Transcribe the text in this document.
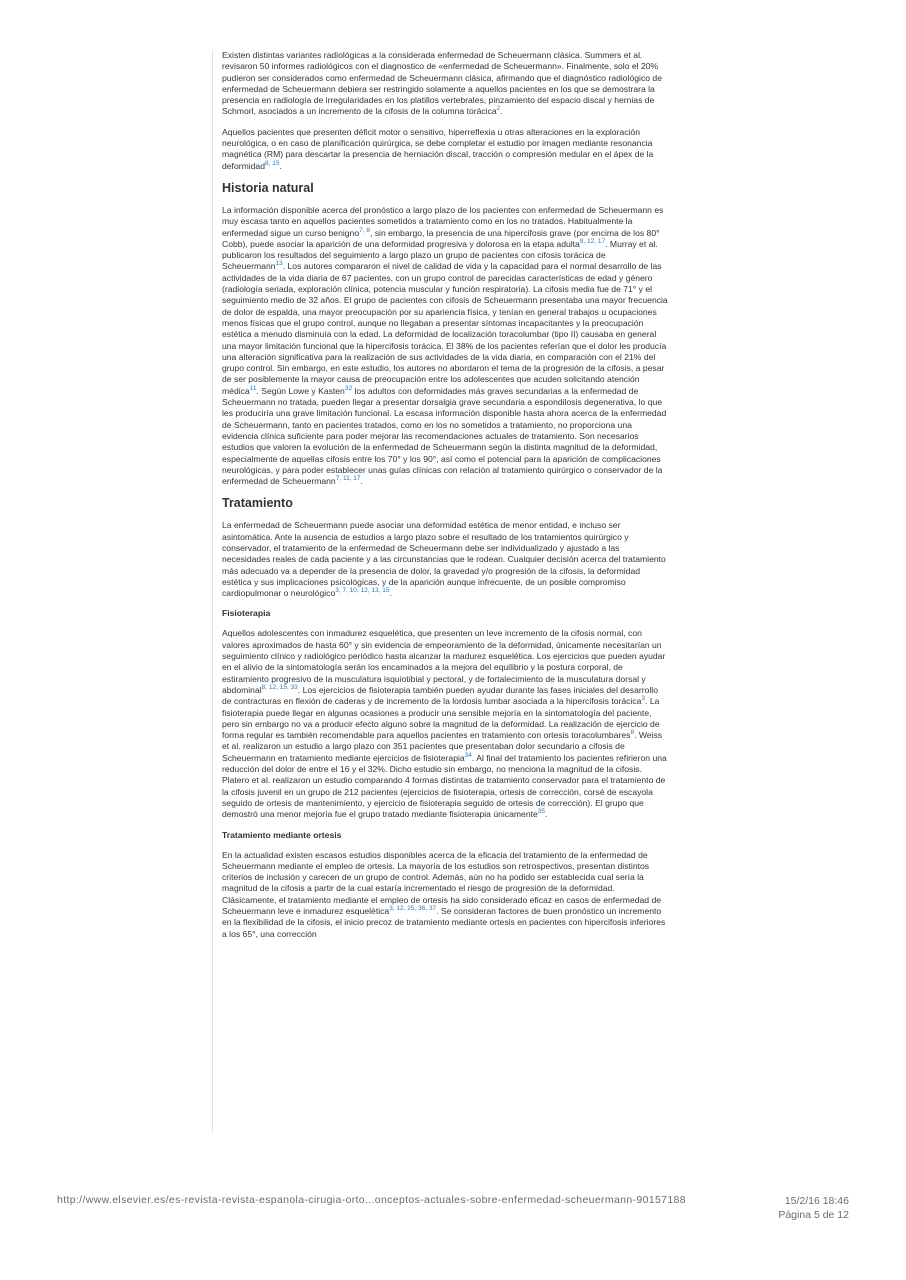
Existen distintas variantes radiológicas a la considerada enfermedad de Scheuermann clásica. Summers et al. revisaron 50 informes radiológicos con el diagnostico de «enfermedad de Scheuermann». Finalmente, solo el 20% pudieron ser considerados como enfermedad de Scheuermann clásica, afirmando que el diagnóstico radiológico de enfermedad de Scheuermann debiera ser restringido solamente a aquellos pacientes en los que se demostrara la presencia en radiología de irregularidades en los platillos vertebrales, pinzamiento del espacio discal y hernias de Schmorl, asociados a un incremento de la cifosis de la columna torácica$^2$.

Aquellos pacientes que presenten déficit motor o sensitivo, hiperreflexia u otras alteraciones en la exploración neurológica, o en caso de planificación quirúrgica, se debe completar el estudio por imagen mediante resonancia magnética (RM) para descartar la presencia de herniación discal, tracción o compresión medular en el ápex de la deformidad$^{8, 15}$.

Historia natural

La información disponible acerca del pronóstico a largo plazo de los pacientes con enfermedad de Scheuermann es muy escasa tanto en aquellos pacientes sometidos a tratamiento como en los no tratados. Habitualmente la enfermedad sigue un curso benigno$^{7, 8}$, sin embargo, la presencia de una hipercifosis grave (por encima de los 80° Cobb), puede asociar la aparición de una deformidad progresiva y dolorosa en la etapa adulta$^{8, 12, 17}$. Murray et al. publicaron los resultados del seguimiento a largo plazo un grupo de pacientes con cifosis torácica de Scheuermann$^{13}$. Los autores compararon el nivel de calidad de vida y la capacidad para el normal desarrollo de las actividades de la vida diaria de 67 pacientes, con un grupo control de parecidas características de edad y género (radiología seriada, exploración clínica, potencia muscular y función respiratoria). La cifosis media fue de 71° y el seguimiento medio de 32 años. El grupo de pacientes con cifosis de Scheuermann presentaba una mayor frecuencia de dolor de espalda, una mayor preocupación por su apariencia física, y tenían en general trabajos u ocupaciones menos físicas que el grupo control, aunque no llegaban a presentar síntomas incapacitantes y la preocupación estética a menudo disminuía con la edad. La deformidad de localización toracolumbar (tipo II) causaba en general una mayor limitación funcional que la hipercifosis torácica. El 38% de los pacientes referían que el dolor les producía una alteración significativa para la realización de sus actividades de la vida diaria, en comparación con el 21% del grupo control. Sin embargo, en este estudio, los autores no abordaron el tema de la progresión de la cifosis, a pesar de ser posiblemente la mayor causa de preocupación entre los adolescentes que acuden solicitando atención médica$^{11}$. Según Lowe y Kasten$^{32}$ los adultos con deformidades más graves secundarias a la enfermedad de Scheuermann no tratada, pueden llegar a presentar dorsalgia grave secundaria a espondilosis degenerativa, lo que les produciría una grave limitación funcional. La escasa información disponible hasta ahora acerca de la enfermedad de Scheuermann, tanto en pacientes tratados, como en los no sometidos a tratamiento, no proporciona una evidencia clínica suficiente para poder mejorar las recomendaciones actuales de tratamiento. Son necesarios estudios que valoren la evolución de la enfermedad de Scheuermann según la distinta magnitud de la deformidad, especialmente de aquellas cifosis entre los 70° y los 90°, así como el potencial para la aparición de complicaciones neurológicas, y para poder establecer unas guías clínicas con relación al tratamiento quirúrgico o conservador de la enfermedad de Scheuermann$^{7, 11, 17}$.

Tratamiento

La enfermedad de Scheuermann puede asociar una deformidad estética de menor entidad, e incluso ser asintomática. Ante la ausencia de estudios a largo plazo sobre el resultado de los tratamientos quirúrgico y conservador, el tratamiento de la enfermedad de Scheuermann debe ser individualizado y ajustado a las necesidades reales de cada paciente y a las circunstancias que le rodean. Cualquier decisión acerca del tratamiento más adecuado va a depender de la presencia de dolor, la gravedad y/o progresión de la cifosis, la deformidad estética y sus implicaciones psicológicas, y de la aparición aunque infrecuente, de un posible compromiso cardiopulmonar o neurológico$^{3, 7, 10, 12, 13, 15}$.

Fisioterapia

Aquellos adolescentes con inmadurez esquelética, que presenten un leve incremento de la cifosis normal, con valores aproximados de hasta 60° y sin evidencia de empeoramiento de la deformidad, únicamente necesitarían un seguimiento clínico y radiológico periódico hasta alcanzar la madurez esquelética. Los ejercicios que pueden ayudar en el alivio de la sintomatología serán los encaminados a la mejora del equilibrio y la postura corporal, de estiramiento progresivo de la musculatura isquiotibial y pectoral, y de fortalecimiento de la musculatura dorsal y abdominal$^{8, 12, 15, 33}$. Los ejercicios de fisioterapia también pueden ayudar durante las fases iniciales del desarrollo de contracturas en flexión de caderas y de incremento de la lordosis lumbar asociada a la hipercifosis torácica$^3$. La fisioterapia puede llegar en algunas ocasiones a producir una sensible mejoría en la sintomatología del paciente, pero sin embargo no va a producir efecto alguno sobre la magnitud de la deformidad. La realización de ejercicio de forma regular es también recomendable para aquellos pacientes en tratamiento con ortesis toracolumbares$^8$. Weiss et al. realizaron un estudio a largo plazo con 351 pacientes que presentaban dolor secundario a cifosis de Scheuermann en tratamiento mediante ejercicios de fisioterapia$^{34}$. Al final del tratamiento los pacientes refirieron una reducción del dolor de entre el 16 y el 32%. Dicho estudio sin embargo, no menciona la magnitud de la cifosis. Platero et al. realizaron un estudio comparando 4 formas distintas de tratamiento conservador para el tratamiento de la cifosis juvenil en un grupo de 212 pacientes (ejercicios de fisioterapia, ortesis de corrección, corsé de escayola seguido de ortesis de mantenimiento, y ejercicio de fisioterapia seguido de ortesis de corrección). El grupo que demostró una menor mejoría fue el grupo tratado mediante fisioterapia únicamente$^{35}$.

Tratamiento mediante ortesis

En la actualidad existen escasos estudios disponibles acerca de la eficacia del tratamiento de la enfermedad de Scheuermann mediante el empleo de ortesis. La mayoría de los estudios son retrospectivos, presentan distintos criterios de inclusión y carecen de un grupo de control. Además, aún no ha podido ser establecida cual sería la magnitud de la cifosis a partir de la cual estaría incrementado el riesgo de progresión de la deformidad. Clásicamente, el tratamiento mediante el empleo de ortesis ha sido considerado eficaz en casos de enfermedad de Scheuermann leve e inmadurez esquelética$^{3, 12, 25, 36, 37}$. Se consideran factores de buen pronóstico un incremento en la flexibilidad de la cifosis, el inicio precoz de tratamiento mediante ortesis en pacientes con hipercifosis inferiores a los 65°, una corrección

http://www.elsevier.es/es-revista-revista-espanola-cirugia-orto...onceptos-actuales-sobre-enfermedad-scheuermann-90157188	15/2/16 18:46
Página 5 de 12
